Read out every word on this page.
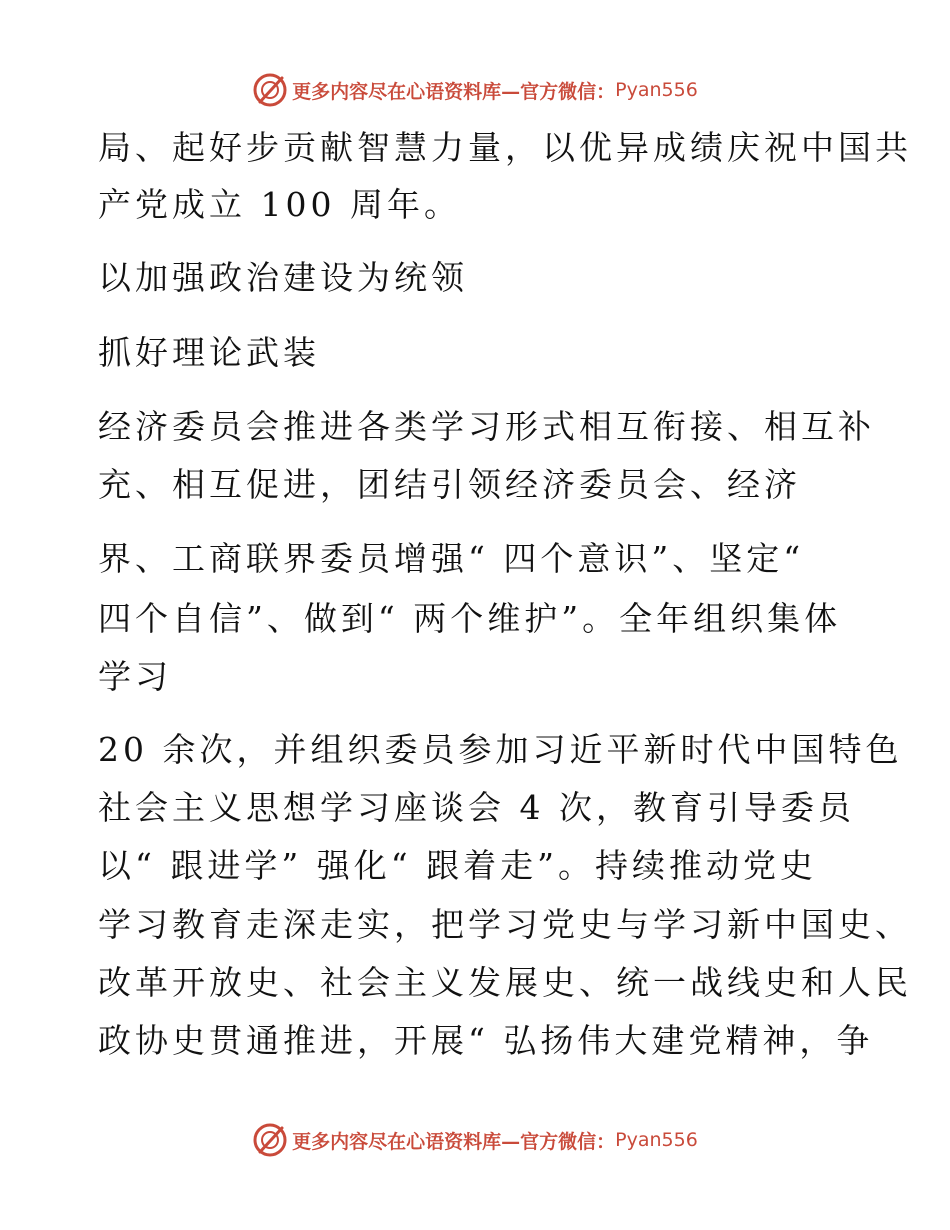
更多内容尽在心语资料库—官方微信： Pyan556
局、起好步贡献智慧力量，以优异成绩庆祝中国共
产党成立 100 周年。
以加强政治建设为统领
抓好理论武装
经济委员会推进各类学习形式相互衔接、相互补
充、相互促进，团结引领经济委员会、经济
界、工商联界委员增强“ 四个意识”、坚定“
四个自信”、做到“ 两个维护”。全年组织集体
学习
20 余次，并组织委员参加习近平新时代中国特色
社会主义思想学习座谈会 4 次，教育引导委员
以“ 跟进学” 强化“ 跟着走”。持续推动党史
学习教育走深走实，把学习党史与学习新中国史、
改革开放史、社会主义发展史、统一战线史和人民
政协史贯通推进，开展“ 弘扬伟大建党精神，争
更多内容尽在心语资料库—官方微信： Pyan556
